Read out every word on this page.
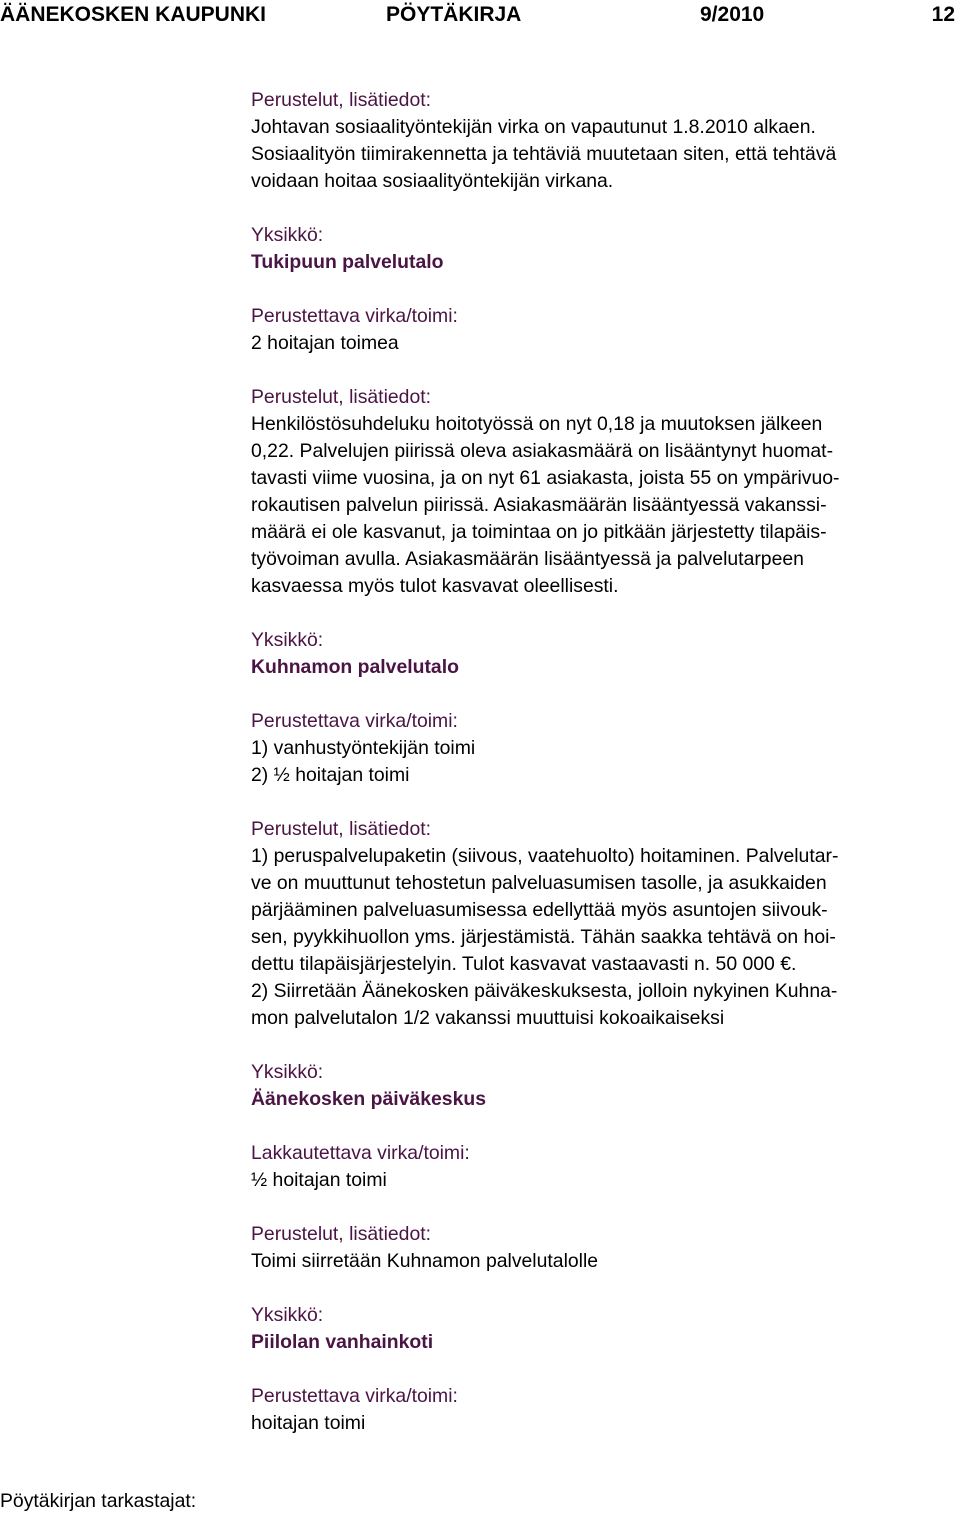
ÄÄNEKOSKEN KAUPUNKI	PÖYTÄKIRJA	9/2010	12
Perustelut, lisätiedot:
Johtavan sosiaalityöntekijän virka on vapautunut 1.8.2010 alkaen.
Sosiaalityön tiimirakennetta ja tehtäviä muutetaan siten, että tehtävä
voidaan hoitaa sosiaalityöntekijän virkana.
Yksikkö:
Tukipuun palvelutalo
Perustettava virka/toimi:
2 hoitajan toimea
Perustelut, lisätiedot:
Henkilöstösuhdeluku hoitotyössä on nyt 0,18 ja muutoksen jälkeen
0,22. Palvelujen piirissä oleva asiakasmäärä on lisääntynyt huomat-
tavasti viime vuosina, ja on nyt 61 asiakasta, joista 55 on ympärivuo-
rokautisen palvelun piirissä. Asiakasmäärän lisääntyessä vakanssi-
määrä ei ole kasvanut, ja toimintaa on jo pitkään järjestetty tilapäis-
työvoiman avulla. Asiakasmäärän lisääntyessä ja palvelutarpeen
kasvaessa myös tulot kasvavat oleellisesti.
Yksikkö:
Kuhnamon palvelutalo
Perustettava virka/toimi:
1) vanhustyöntekijän toimi
2) ½ hoitajan toimi
Perustelut, lisätiedot:
1) peruspalvelupaketin (siivous, vaatehuolto) hoitaminen. Palvelutar-
ve on muuttunut tehostetun palveluasumisen tasolle, ja asukkaiden
pärjääminen palveluasumisessa edellyttää myös asuntojen siivouk-
sen, pyykkihuollon yms. järjestämistä. Tähän saakka tehtävä on hoi-
dettu tilapäisjärjestelyin. Tulot kasvavat vastaavasti n. 50 000 €.
2) Siirretään Äänekosken päiväkeskuksesta, jolloin nykyinen Kuhna-
mon palvelutalon 1/2 vakanssi muuttuisi kokoaikaiseksi
Yksikkö:
Äänekosken päiväkeskus
Lakkautettava virka/toimi:
½ hoitajan toimi
Perustelut, lisätiedot:
Toimi siirretään Kuhnamon palvelutalolle
Yksikkö:
Piilolan vanhainkoti
Perustettava virka/toimi:
hoitajan toimi
Pöytäkirjan tarkastajat:
